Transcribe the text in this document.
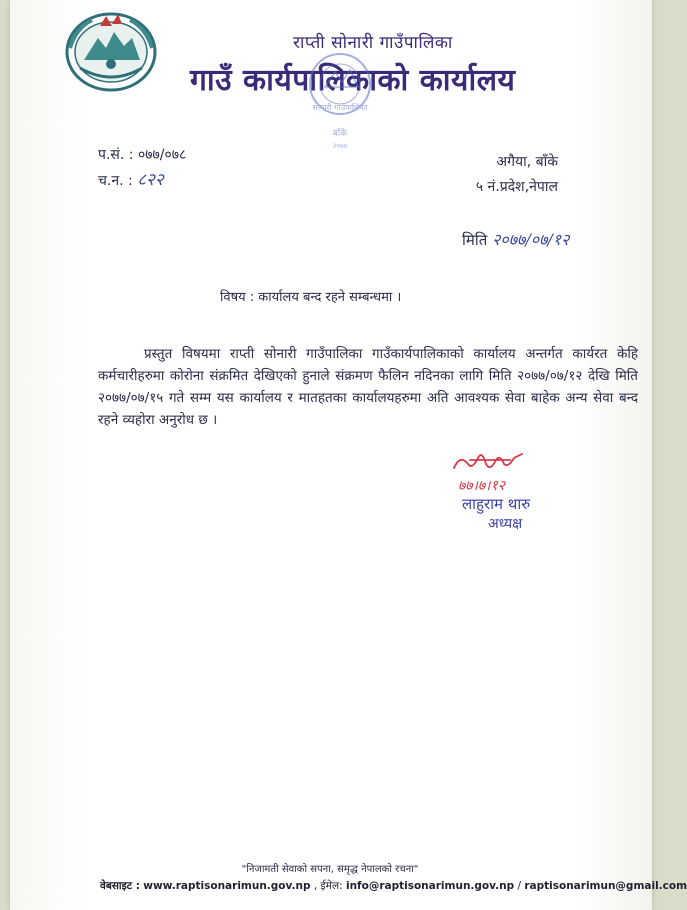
राप्ती सोनारी गाउँपालिका
गाउँ कार्यपालिकाको कार्यालय
सोनारी गाउँपालिका
बाँके
२०७४
प.सं. : ०७७/०७८
च.न. : ८२२
अगैया, बाँके
५ नं.प्रदेश,नेपाल
मिति २०७७/०७/१२
विषय : कार्यालय बन्द रहने सम्बन्धमा ।
प्रस्तुत विषयमा राप्ती सोनारी गाउँपालिका गाउँकार्यपालिकाको कार्यालय अन्तर्गत कार्यरत केहि कर्मचारीहरुमा कोरोना संक्रमित देखिएको हुनाले संक्रमण फैलिन नदिनका लागि मिति २०७७/०७/१२ देखि मिति २०७७/०७/१५ गते सम्म यस कार्यालय र मातहतका कार्यालयहरुमा अति आवश्यक सेवा बाहेक अन्य सेवा बन्द रहने व्यहोरा अनुरोध छ ।
७७।७।१२
लाहुराम थारु
अध्यक्ष
"निजामती सेवाको सपना, समृद्ध नेपालको रचना"
वेबसाइट : www.raptisonarimun.gov.np , ईमेल: info@raptisonarimun.gov.np / raptisonarimun@gmail.com
